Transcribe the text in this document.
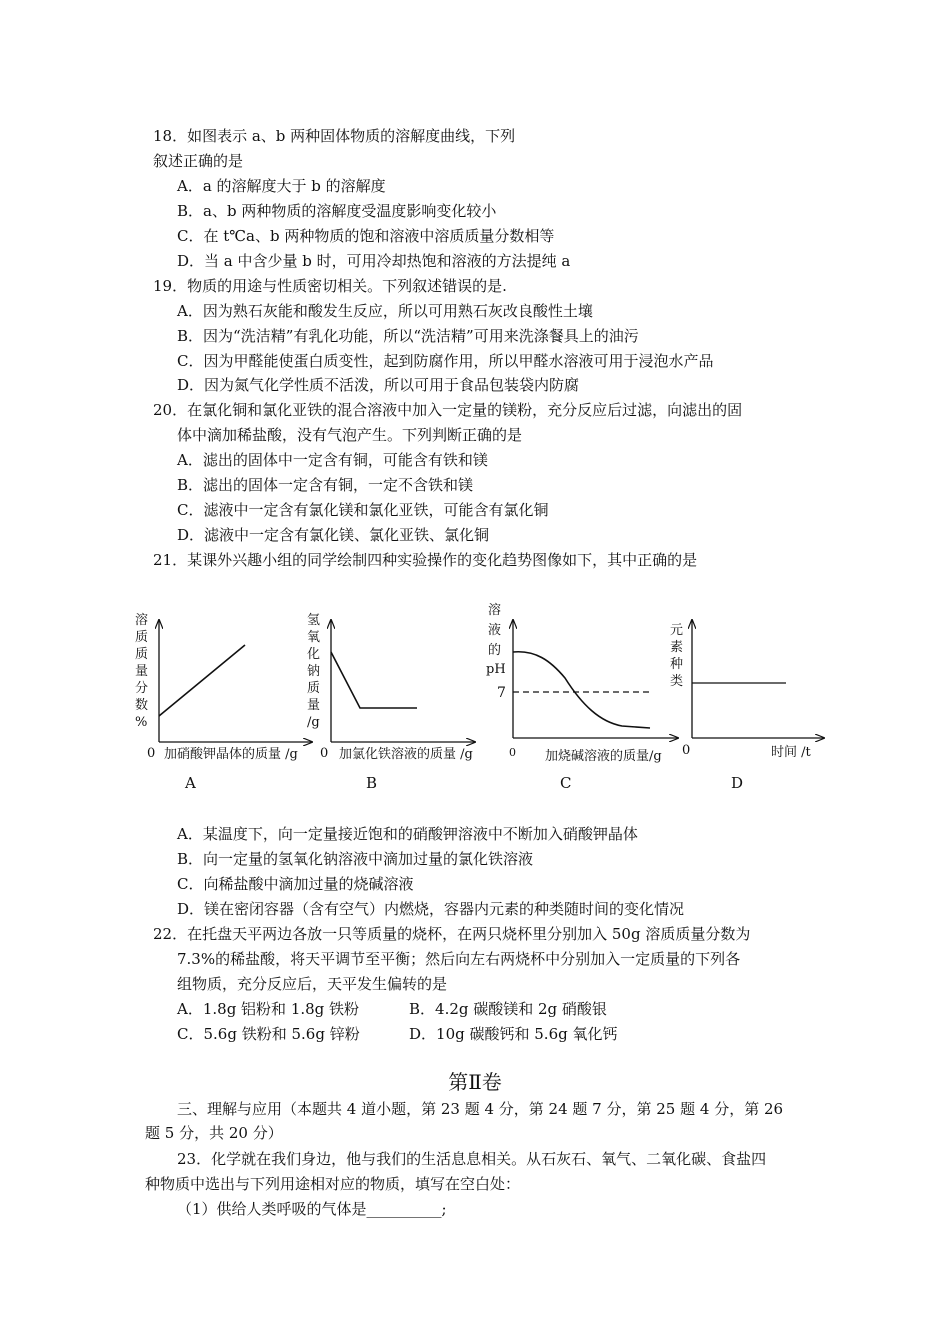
18．如图表示 a、b 两种固体物质的溶解度曲线，下列
叙述正确的是
A．a 的溶解度大于 b 的溶解度
B．a、b 两种物质的溶解度受温度影响变化较小
C．在 t℃a、b 两种物质的饱和溶液中溶质质量分数相等
D．当 a 中含少量 b 时，可用冷却热饱和溶液的方法提纯 a
19．物质的用途与性质密切相关。下列叙述错误的是.
A．因为熟石灰能和酸发生反应，所以可用熟石灰改良酸性土壤
B．因为“洗洁精”有乳化功能，所以“洗洁精”可用来洗涤餐具上的油污
C．因为甲醛能使蛋白质变性，起到防腐作用，所以甲醛水溶液可用于浸泡水产品
D．因为氮气化学性质不活泼，所以可用于食品包装袋内防腐
20．在氯化铜和氯化亚铁的混合溶液中加入一定量的镁粉，充分反应后过滤，向滤出的固
体中滴加稀盐酸，没有气泡产生。下列判断正确的是
A．滤出的固体中一定含有铜，可能含有铁和镁
B．滤出的固体一定含有铜，一定不含铁和镁
C．滤液中一定含有氯化镁和氯化亚铁，可能含有氯化铜
D．滤液中一定含有氯化镁、氯化亚铁、氯化铜
21．某课外兴趣小组的同学绘制四种实验操作的变化趋势图像如下，其中正确的是
溶
质
质
量
分
数
%
0 加硝酸钾晶体的质量 /g
A
氢
氧
化
钠
质
量
/g
0 加氯化铁溶液的质量 /g
B
溶
液
的
pH
7
0 加烧碱溶液的质量/g
C
元
素
种
类
0	时间 /t
D
A．某温度下，向一定量接近饱和的硝酸钾溶液中不断加入硝酸钾晶体
B．向一定量的氢氧化钠溶液中滴加过量的氯化铁溶液
C．向稀盐酸中滴加过量的烧碱溶液
D．镁在密闭容器（含有空气）内燃烧，容器内元素的种类随时间的变化情况
22．在托盘天平两边各放一只等质量的烧杯，在两只烧杯里分别加入 50g 溶质质量分数为
7.3%的稀盐酸，将天平调节至平衡；然后向左右两烧杯中分别加入一定质量的下列各
组物质，充分反应后，天平发生偏转的是
A．1.8g 铝粉和 1.8g 铁粉	B．4.2g 碳酸镁和 2g 硝酸银
C．5.6g 铁粉和 5.6g 锌粉	D．10g 碳酸钙和 5.6g 氧化钙
第Ⅱ卷
三、理解与应用（本题共 4 道小题，第 23 题 4 分，第 24 题 7 分，第 25 题 4 分，第 26
题 5 分，共 20 分）
23．化学就在我们身边，他与我们的生活息息相关。从石灰石、氧气、二氧化碳、食盐四
种物质中选出与下列用途相对应的物质，填写在空白处：
（1）供给人类呼吸的气体是__________;
